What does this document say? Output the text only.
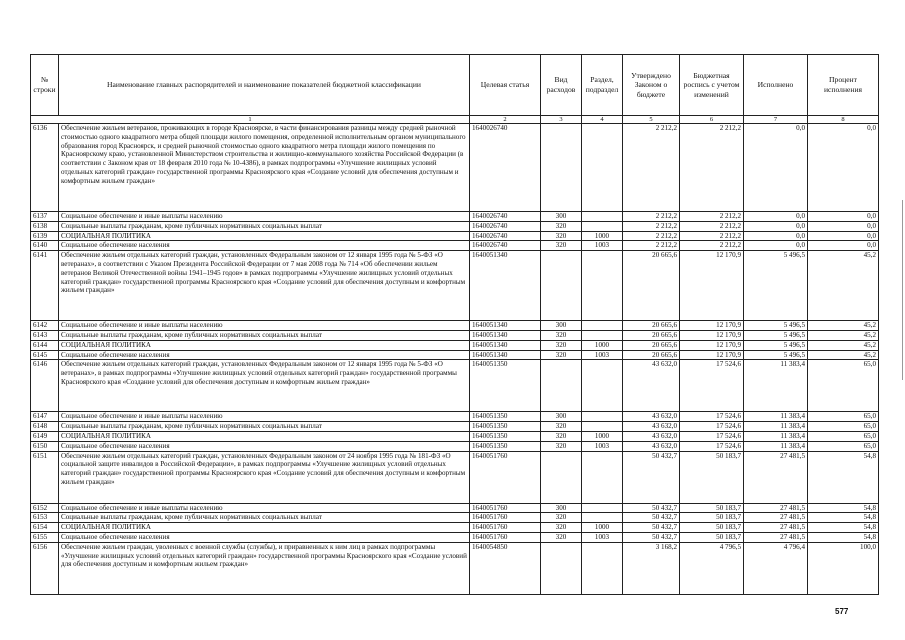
№ строки	Наименование главных распорядителей и наименование показателей бюджетной классификации	Целевая статья	Вид расходов	Раздел, подраздел	Утверждено Законом о бюджете	Бюджетная роспись с учетом изменений	Исполнено	Процент исполнения
1		2	3	4	5	6	7	8
6136	Обеспечение жильем ветеранов, проживающих в городе Красноярске, в части финансирования разницы между средней рыночной стоимостью одного квадратного метра общей площади жилого помещения, определенной исполнительным органом муниципального образования город Красноярск, и средней рыночной стоимостью одного квадратного метра площади жилого помещения по Красноярскому краю, установленной Министерством строительства и жилищно-коммунального хозяйства Российской Федерации (в соответствии с Законом края от 18 февраля 2010 года № 10-4386), в рамках подпрограммы «Улучшение жилищных условий отдельных категорий граждан» государственной программы Красноярского края «Создание условий для обеспечения доступным и комфортным жильем граждан»	1640026740			2 212,2	2 212,2	0,0	0,0
6137	Социальное обеспечение и иные выплаты населению	1640026740	300		2 212,2	2 212,2	0,0	0,0
6138	Социальные выплаты гражданам, кроме публичных нормативных социальных выплат	1640026740	320		2 212,2	2 212,2	0,0	0,0
6139	СОЦИАЛЬНАЯ ПОЛИТИКА	1640026740	320	1000	2 212,2	2 212,2	0,0	0,0
6140	Социальное обеспечение населения	1640026740	320	1003	2 212,2	2 212,2	0,0	0,0
6141	Обеспечение жильем отдельных категорий граждан, установленных Федеральным законом от 12 января 1995 года № 5-ФЗ «О ветеранах», в соответствии с Указом Президента Российской Федерации от 7 мая 2008 года № 714 «Об обеспечении жильем ветеранов Великой Отечественной войны 1941–1945 годов» в рамках подпрограммы «Улучшение жилищных условий отдельных категорий граждан» государственной программы Красноярского края «Создание условий для обеспечения доступным и комфортным жильем граждан»	1640051340			20 665,6	12 170,9	5 496,5	45,2
6142	Социальное обеспечение и иные выплаты населению	1640051340	300		20 665,6	12 170,9	5 496,5	45,2
6143	Социальные выплаты гражданам, кроме публичных нормативных социальных выплат	1640051340	320		20 665,6	12 170,9	5 496,5	45,2
6144	СОЦИАЛЬНАЯ ПОЛИТИКА	1640051340	320	1000	20 665,6	12 170,9	5 496,5	45,2
6145	Социальное обеспечение населения	1640051340	320	1003	20 665,6	12 170,9	5 496,5	45,2
6146	Обеспечение жильем отдельных категорий граждан, установленных Федеральным законом от 12 января 1995 года № 5-ФЗ «О ветеранах», в рамках подпрограммы «Улучшение жилищных условий отдельных категорий граждан» государственной программы Красноярского края «Создание условий для обеспечения доступным и комфортным жильем граждан»	1640051350			43 632,0	17 524,6	11 383,4	65,0
6147	Социальное обеспечение и иные выплаты населению	1640051350	300		43 632,0	17 524,6	11 383,4	65,0
6148	Социальные выплаты гражданам, кроме публичных нормативных социальных выплат	1640051350	320		43 632,0	17 524,6	11 383,4	65,0
6149	СОЦИАЛЬНАЯ ПОЛИТИКА	1640051350	320	1000	43 632,0	17 524,6	11 383,4	65,0
6150	Социальное обеспечение населения	1640051350	320	1003	43 632,0	17 524,6	11 383,4	65,0
6151	Обеспечение жильем отдельных категорий граждан, установленных Федеральным законом от 24 ноября 1995 года № 181-ФЗ «О социальной защите инвалидов в Российской Федерации», в рамках подпрограммы «Улучшение жилищных условий отдельных категорий граждан» государственной программы Красноярского края «Создание условий для обеспечения доступным и комфортным жильем граждан»	1640051760			50 432,7	50 183,7	27 481,5	54,8
6152	Социальное обеспечение и иные выплаты населению	1640051760	300		50 432,7	50 183,7	27 481,5	54,8
6153	Социальные выплаты гражданам, кроме публичных нормативных социальных выплат	1640051760	320		50 432,7	50 183,7	27 481,5	54,8
6154	СОЦИАЛЬНАЯ ПОЛИТИКА	1640051760	320	1000	50 432,7	50 183,7	27 481,5	54,8
6155	Социальное обеспечение населения	1640051760	320	1003	50 432,7	50 183,7	27 481,5	54,8
6156	Обеспечение жильем граждан, уволенных с военной службы (службы), и приравненных к ним лиц в рамках подпрограммы «Улучшение жилищных условий отдельных категорий граждан» государственной программы Красноярского края «Создание условий для обеспечения доступным и комфортным жильем граждан»	1640054850			3 168,2	4 796,5	4 796,4	100,0
577
